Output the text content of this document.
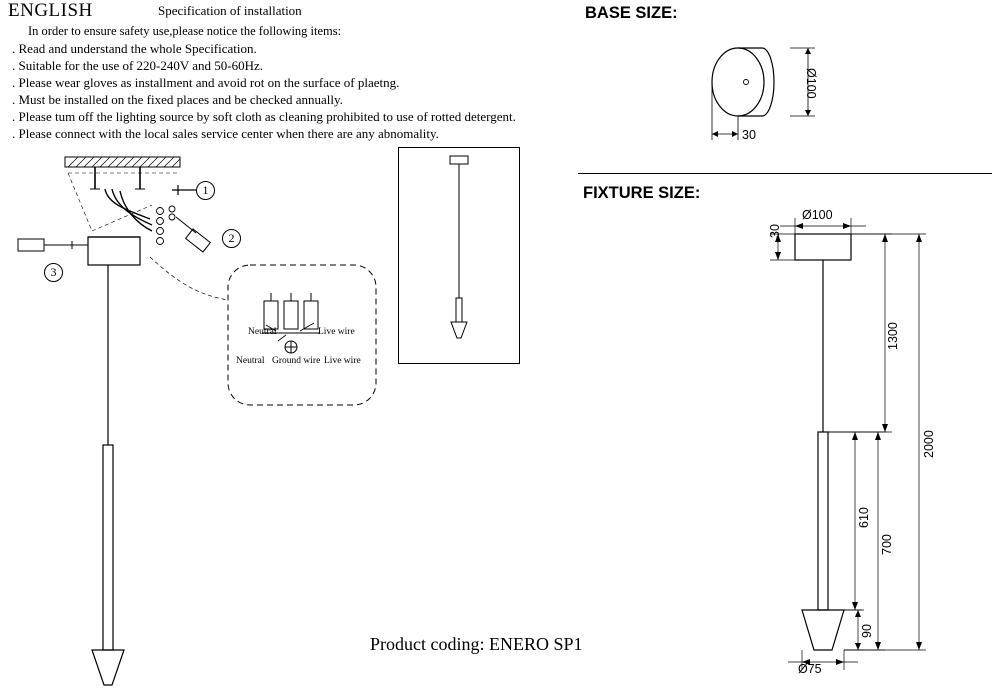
ENGLISH	Specification of installation
In order to ensure safety use,please notice the following items:
. Read and understand the whole Specification.
. Suitable for the use of 220-240V and 50-60Hz.
. Please wear gloves as installment and avoid rot on the surface of plaetng.
. Must be installed on the fixed places and be checked annually.
. Please tum off the lighting source by soft cloth as cleaning prohibited to use of rotted detergent.
. Please connect with the local sales service center when there are any abnomality.
1
2
3
Neutral	Live wire
Neutral Ground wire Live wire
BASE SIZE:
Ø100
30
FIXTURE SIZE:
Ø100
30
1300
2000
610
700
90
Ø75
Product coding: ENERO SP1
